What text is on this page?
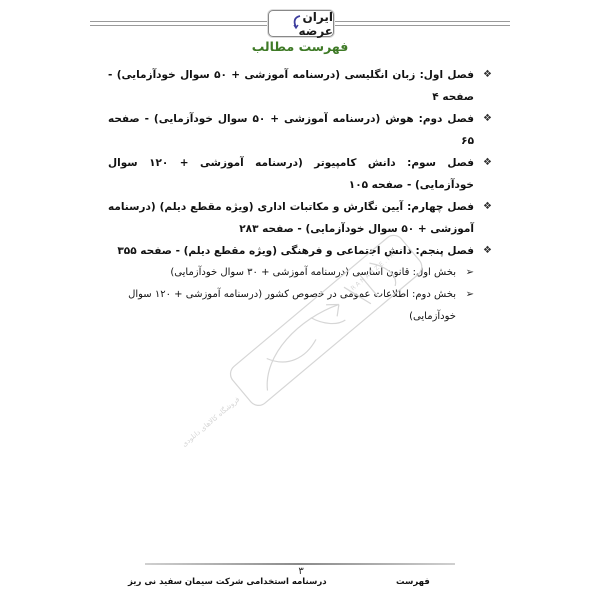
ایران عرضه
فهرست مطالب
❖
فصل اول: زبان انگلیسی (درسنامه آموزشی + ۵۰ سوال خودآزمایی) - صفحه ۴
❖
فصل دوم: هوش (درسنامه آموزشی + ۵۰ سوال خودآزمایی) - صفحه ۶۵
❖
فصل سوم: دانش کامپیوتر (درسنامه آموزشی + ۱۲۰ سوال خودآزمایی) - صفحه ۱۰۵
❖
فصل چهارم: آیین نگارش و مکاتبات اداری (ویژه مقطع دیلم) (درسنامه آموزشی + ۵۰ سوال خودآزمایی) - صفحه ۲۸۳
❖
فصل پنجم: دانش اجتماعی و فرهنگی (ویژه مقطع دیلم) - صفحه ۳۵۵
➢
بخش اول: قانون اساسی (درسنامه آموزشی + ۳۰ سوال خودآزمایی)
➢
بخش دوم: اطلاعات عمومی در خصوص کشور (درسنامه آموزشی + ۱۲۰ سوال خودآزمایی)
IRANARZE.IR
فروشگاه کالاهای دانلودی
۳
فهرست
درسنامه استخدامی شرکت سیمان سفید نی ریز
